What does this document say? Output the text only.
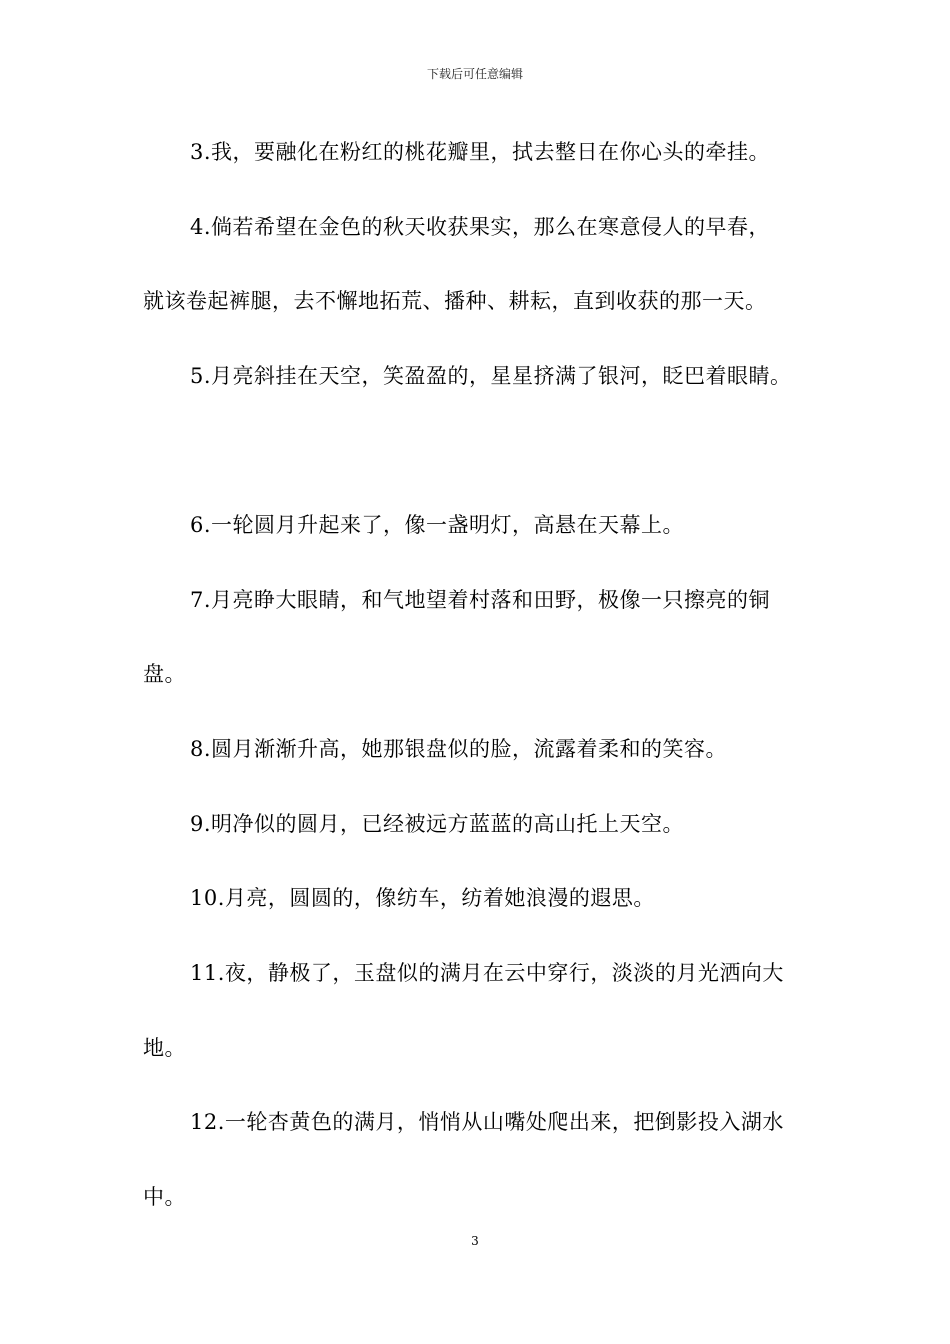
下载后可任意编辑
3.我，要融化在粉红的桃花瓣里，拭去整日在你心头的牵挂。
4.倘若希望在金色的秋天收获果实，那么在寒意侵人的早春，
就该卷起裤腿，去不懈地拓荒、播种、耕耘，直到收获的那一天。
5.月亮斜挂在天空，笑盈盈的，星星挤满了银河，眨巴着眼睛。
6.一轮圆月升起来了，像一盏明灯，高悬在天幕上。
7.月亮睁大眼睛，和气地望着村落和田野，极像一只擦亮的铜
盘。
8.圆月渐渐升高，她那银盘似的脸，流露着柔和的笑容。
9.明净似的圆月，已经被远方蓝蓝的高山托上天空。
10.月亮，圆圆的，像纺车，纺着她浪漫的遐思。
11.夜，静极了，玉盘似的满月在云中穿行，淡淡的月光洒向大
地。
12.一轮杏黄色的满月，悄悄从山嘴处爬出来，把倒影投入湖水
中。
3
